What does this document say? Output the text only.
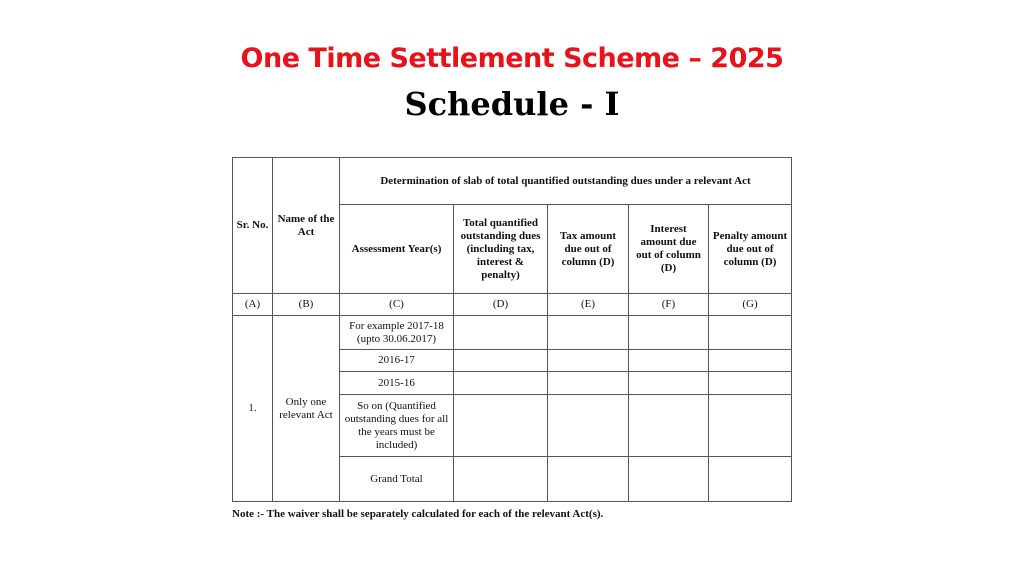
One Time Settlement Scheme – 2025
Schedule - I
Sr. No.	Name of the Act	Determination of slab of total quantified outstanding dues under a relevant Act				
		Assessment Year(s)	Total quantified outstanding dues (including tax, interest & penalty)	Tax amount due out of column (D)	Interest amount due out of column (D)	Penalty amount due out of column (D)
(A)	(B)	(C)	(D)	(E)	(F)	(G)
1.	Only one relevant Act	For example 2017-18 (upto 30.06.2017)				
		2016-17				
		2015-16				
		So on (Quantified outstanding dues for all the years must be included)				
		Grand Total				
Note :- The waiver shall be separately calculated for each of the relevant Act(s).
